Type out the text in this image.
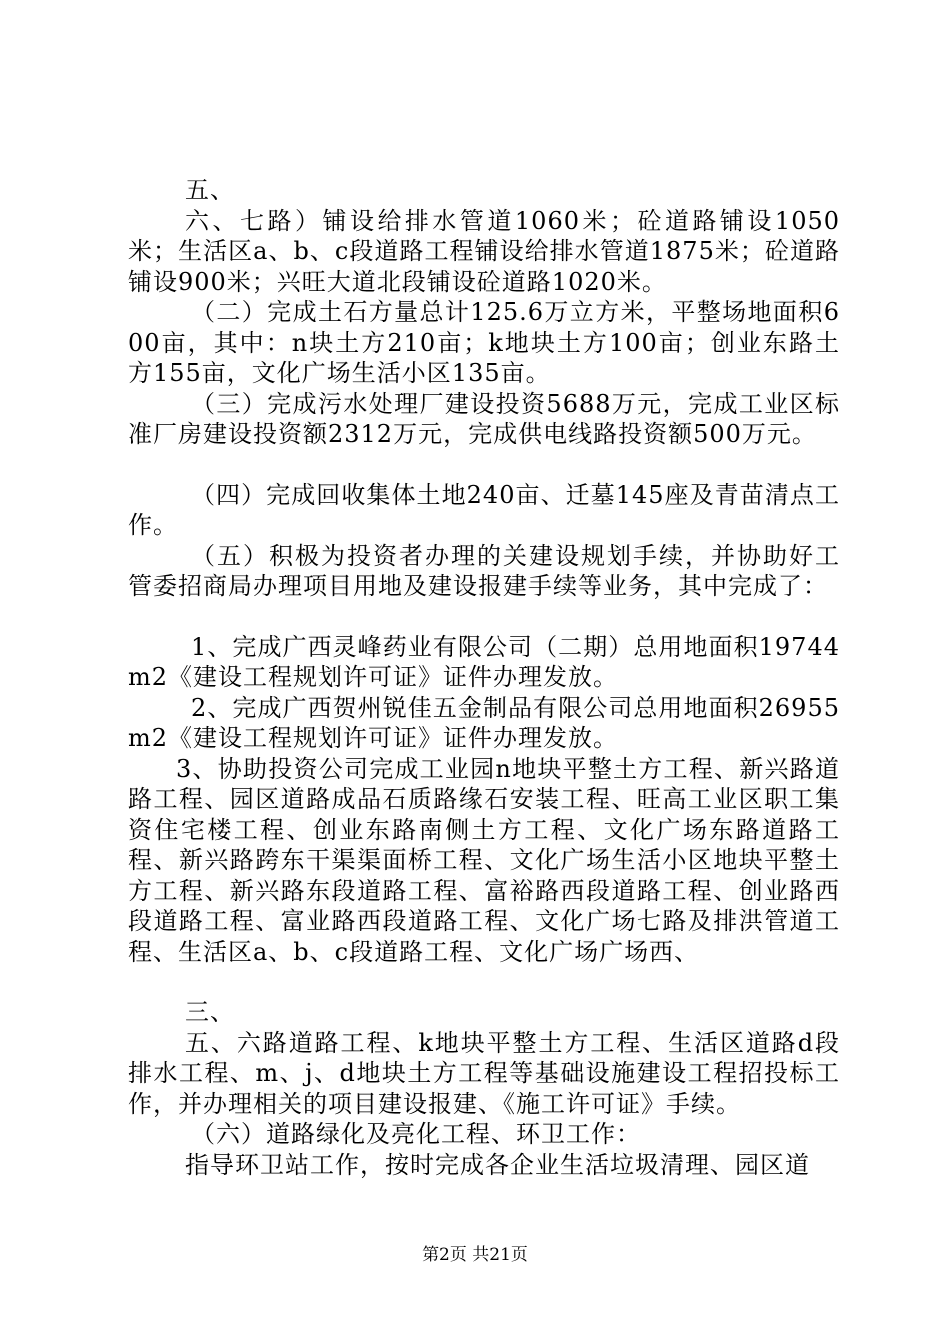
五、

六、七路）铺设给排水管道1060米；砼道路铺设1050米；生活区a、b、c段道路工程铺设给排水管道1875米；砼道路铺设900米；兴旺大道北段铺设砼道路1020米。

（二）完成土石方量总计125.6万立方米，平整场地面积600亩，其中：n块土方210亩；k地块土方100亩；创业东路土方155亩，文化广场生活小区135亩。

（三）完成污水处理厂建设投资5688万元，完成工业区标准厂房建设投资额2312万元，完成供电线路投资额500万元。

（四）完成回收集体土地240亩、迁墓145座及青苗清点工作。

（五）积极为投资者办理的关建设规划手续，并协助好工管委招商局办理项目用地及建设报建手续等业务，其中完成了：

1、完成广西灵峰药业有限公司（二期）总用地面积19744m2《建设工程规划许可证》证件办理发放。

2、完成广西贺州锐佳五金制品有限公司总用地面积26955m2《建设工程规划许可证》证件办理发放。

3、协助投资公司完成工业园n地块平整土方工程、新兴路道路工程、园区道路成品石质路缘石安装工程、旺高工业区职工集资住宅楼工程、创业东路南侧土方工程、文化广场东路道路工程、新兴路跨东干渠渠面桥工程、文化广场生活小区地块平整土方工程、新兴路东段道路工程、富裕路西段道路工程、创业路西段道路工程、富业路西段道路工程、文化广场七路及排洪管道工程、生活区a、b、c段道路工程、文化广场广场西、

三、

五、六路道路工程、k地块平整土方工程、生活区道路d段排水工程、m、j、d地块土方工程等基础设施建设工程招投标工作，并办理相关的项目建设报建、《施工许可证》手续。

（六）道路绿化及亮化工程、环卫工作：

指导环卫站工作，按时完成各企业生活垃圾清理、园区道

第2页 共21页
